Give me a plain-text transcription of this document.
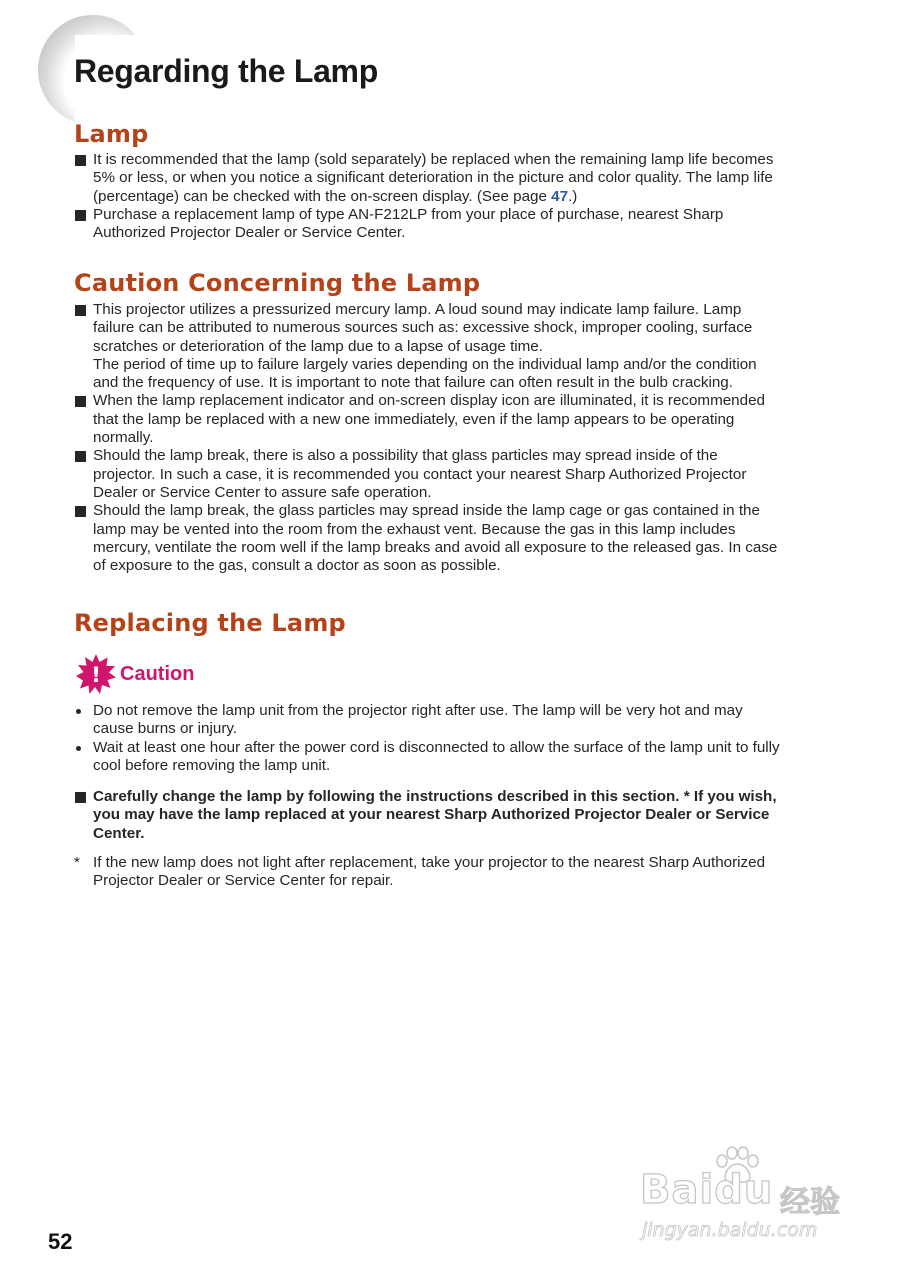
Regarding the Lamp
Lamp
It is recommended that the lamp (sold separately) be replaced when the remaining lamp life becomes
5% or less, or when you notice a significant deterioration in the picture and color quality. The lamp life
(percentage) can be checked with the on-screen display. (See page 47.)
Purchase a replacement lamp of type AN-F212LP from your place of purchase, nearest Sharp
Authorized Projector Dealer or Service Center.
Caution Concerning the Lamp
This projector utilizes a pressurized mercury lamp. A loud sound may indicate lamp failure. Lamp
failure can be attributed to numerous sources such as: excessive shock, improper cooling, surface
scratches or deterioration of the lamp due to a lapse of usage time.
The period of time up to failure largely varies depending on the individual lamp and/or the condition
and the frequency of use. It is important to note that failure can often result in the bulb cracking.
When the lamp replacement indicator and on-screen display icon are illuminated, it is recommended
that the lamp be replaced with a new one immediately, even if the lamp appears to be operating
normally.
Should the lamp break, there is also a possibility that glass particles may spread inside of the
projector. In such a case, it is recommended you contact your nearest Sharp Authorized Projector
Dealer or Service Center to assure safe operation.
Should the lamp break, the glass particles may spread inside the lamp cage or gas contained in the
lamp may be vented into the room from the exhaust vent. Because the gas in this lamp includes
mercury, ventilate the room well if the lamp breaks and avoid all exposure to the released gas. In case
of exposure to the gas, consult a doctor as soon as possible.
Replacing the Lamp
! Caution
Do not remove the lamp unit from the projector right after use. The lamp will be very hot and may
cause burns or injury.
Wait at least one hour after the power cord is disconnected to allow the surface of the lamp unit to fully
cool before removing the lamp unit.
Carefully change the lamp by following the instructions described in this section. * If you wish,
you may have the lamp replaced at your nearest Sharp Authorized Projector Dealer or Service
Center.
* If the new lamp does not light after replacement, take your projector to the nearest Sharp Authorized
Projector Dealer or Service Center for repair.
Baidu 经验
jingyan.baidu.com
52
